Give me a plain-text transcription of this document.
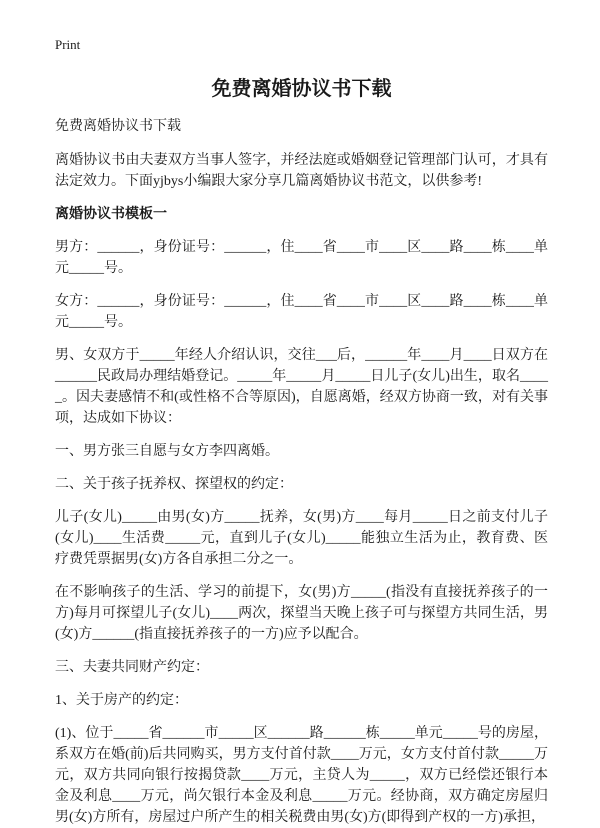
Print
免费离婚协议书下载
免费离婚协议书下载

离婚协议书由夫妻双方当事人签字，并经法庭或婚姻登记管理部门认可，才具有法定效力。下面yjbys小编跟大家分享几篇离婚协议书范文，以供参考!

离婚协议书模板一

男方：______，身份证号：______，住____省____市____区____路____栋____单元_____号。

女方：______，身份证号：______，住____省____市____区____路____栋____单元_____号。

男、女双方于_____年经人介绍认识，交往___后，______年____月____日双方在______民政局办理结婚登记。_____年_____月_____日儿子(女儿)出生，取名_____。因夫妻感情不和(或性格不合等原因)，自愿离婚，经双方协商一致，对有关事项，达成如下协议：

一、男方张三自愿与女方李四离婚。

二、关于孩子抚养权、探望权的约定：

儿子(女儿)_____由男(女)方_____抚养，女(男)方____每月_____日之前支付儿子(女儿)____生活费_____元，直到儿子(女儿)_____能独立生活为止，教育费、医疗费凭票据男(女)方各自承担二分之一。

在不影响孩子的生活、学习的前提下，女(男)方_____(指没有直接抚养孩子的一方)每月可探望儿子(女儿)____两次，探望当天晚上孩子可与探望方共同生活，男(女)方______(指直接抚养孩子的一方)应予以配合。

三、夫妻共同财产约定：

1、关于房产的约定：

(1)、位于_____省______市_____区______路______栋_____单元_____号的房屋，系双方在婚(前)后共同购买，男方支付首付款____万元，女方支付首付款_____万元，双方共同向银行按揭贷款____万元，主贷人为_____，双方已经偿还银行本金及利息____万元，尚欠银行本金及利息_____万元。经协商，双方确定房屋归男(女)方所有，房屋过户所产生的相关税费由男(女)方(即得到产权的一方)承担，
